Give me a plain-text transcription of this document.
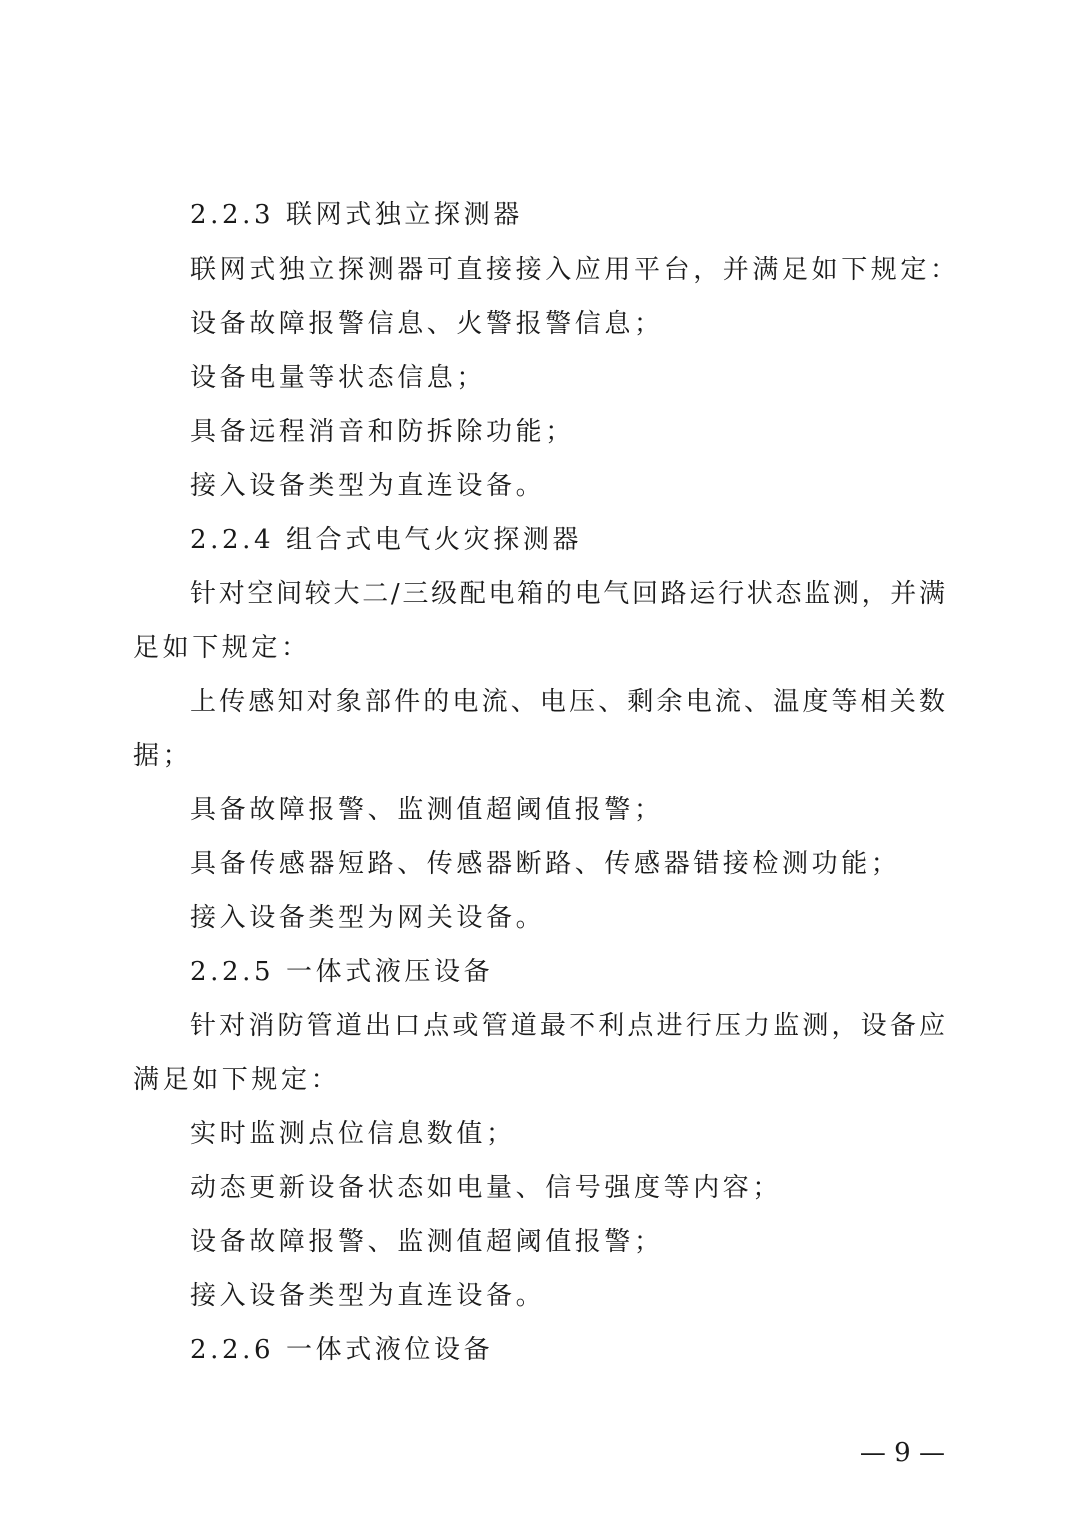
2.2.3 联网式独立探测器
联网式独立探测器可直接接入应用平台，并满足如下规定：
设备故障报警信息、火警报警信息；
设备电量等状态信息；
具备远程消音和防拆除功能；
接入设备类型为直连设备。
2.2.4 组合式电气火灾探测器
针对空间较大二/三级配电箱的电气回路运行状态监测，并满
足如下规定：
上传感知对象部件的电流、电压、剩余电流、温度等相关数
据；
具备故障报警、监测值超阈值报警；
具备传感器短路、传感器断路、传感器错接检测功能；
接入设备类型为网关设备。
2.2.5 一体式液压设备
针对消防管道出口点或管道最不利点进行压力监测，设备应
满足如下规定：
实时监测点位信息数值；
动态更新设备状态如电量、信号强度等内容；
设备故障报警、监测值超阈值报警；
接入设备类型为直连设备。
2.2.6 一体式液位设备
— 9 —
